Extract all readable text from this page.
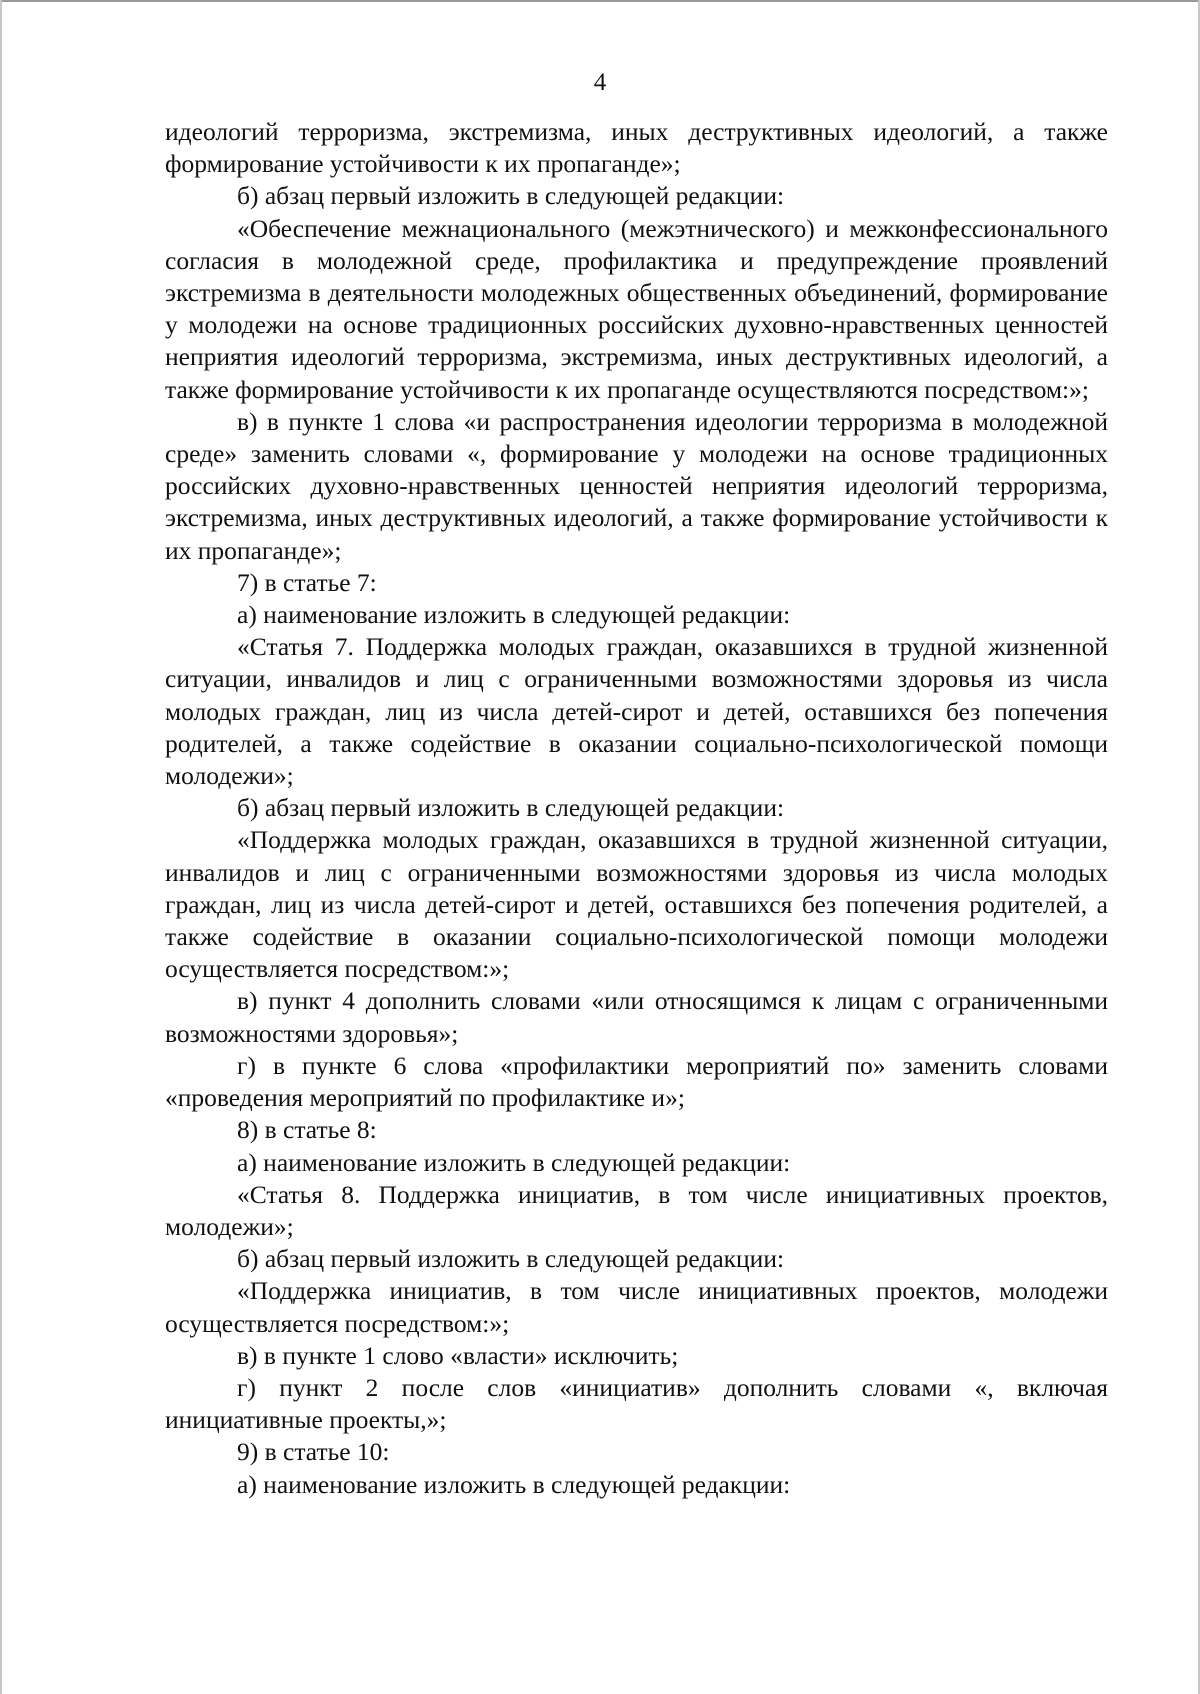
4

идеологий терроризма, экстремизма, иных деструктивных идеологий, а также формирование устойчивости к их пропаганде»;

б) абзац первый изложить в следующей редакции:

«Обеспечение межнационального (межэтнического) и межконфессионального согласия в молодежной среде, профилактика и предупреждение проявлений экстремизма в деятельности молодежных общественных объединений, формирование у молодежи на основе традиционных российских духовно-нравственных ценностей неприятия идеологий терроризма, экстремизма, иных деструктивных идеологий, а также формирование устойчивости к их пропаганде осуществляются посредством:»;

в) в пункте 1 слова «и распространения идеологии терроризма в молодежной среде» заменить словами «, формирование у молодежи на основе традиционных российских духовно-нравственных ценностей неприятия идеологий терроризма, экстремизма, иных деструктивных идеологий, а также формирование устойчивости к их пропаганде»;

7) в статье 7:

а) наименование изложить в следующей редакции:

«Статья 7. Поддержка молодых граждан, оказавшихся в трудной жизненной ситуации, инвалидов и лиц с ограниченными возможностями здоровья из числа молодых граждан, лиц из числа детей-сирот и детей, оставшихся без попечения родителей, а также содействие в оказании социально-психологической помощи молодежи»;

б) абзац первый изложить в следующей редакции:

«Поддержка молодых граждан, оказавшихся в трудной жизненной ситуации, инвалидов и лиц с ограниченными возможностями здоровья из числа молодых граждан, лиц из числа детей-сирот и детей, оставшихся без попечения родителей, а также содействие в оказании социально-психологической помощи молодежи осуществляется посредством:»;

в) пункт 4 дополнить словами «или относящимся к лицам с ограниченными возможностями здоровья»;

г) в пункте 6 слова «профилактики мероприятий по» заменить словами «проведения мероприятий по профилактике и»;

8) в статье 8:

а) наименование изложить в следующей редакции:

«Статья 8. Поддержка инициатив, в том числе инициативных проектов, молодежи»;

б) абзац первый изложить в следующей редакции:

«Поддержка инициатив, в том числе инициативных проектов, молодежи осуществляется посредством:»;

в) в пункте 1 слово «власти» исключить;

г) пункт 2 после слов «инициатив» дополнить словами «, включая инициативные проекты,»;

9) в статье 10:

а) наименование изложить в следующей редакции:
